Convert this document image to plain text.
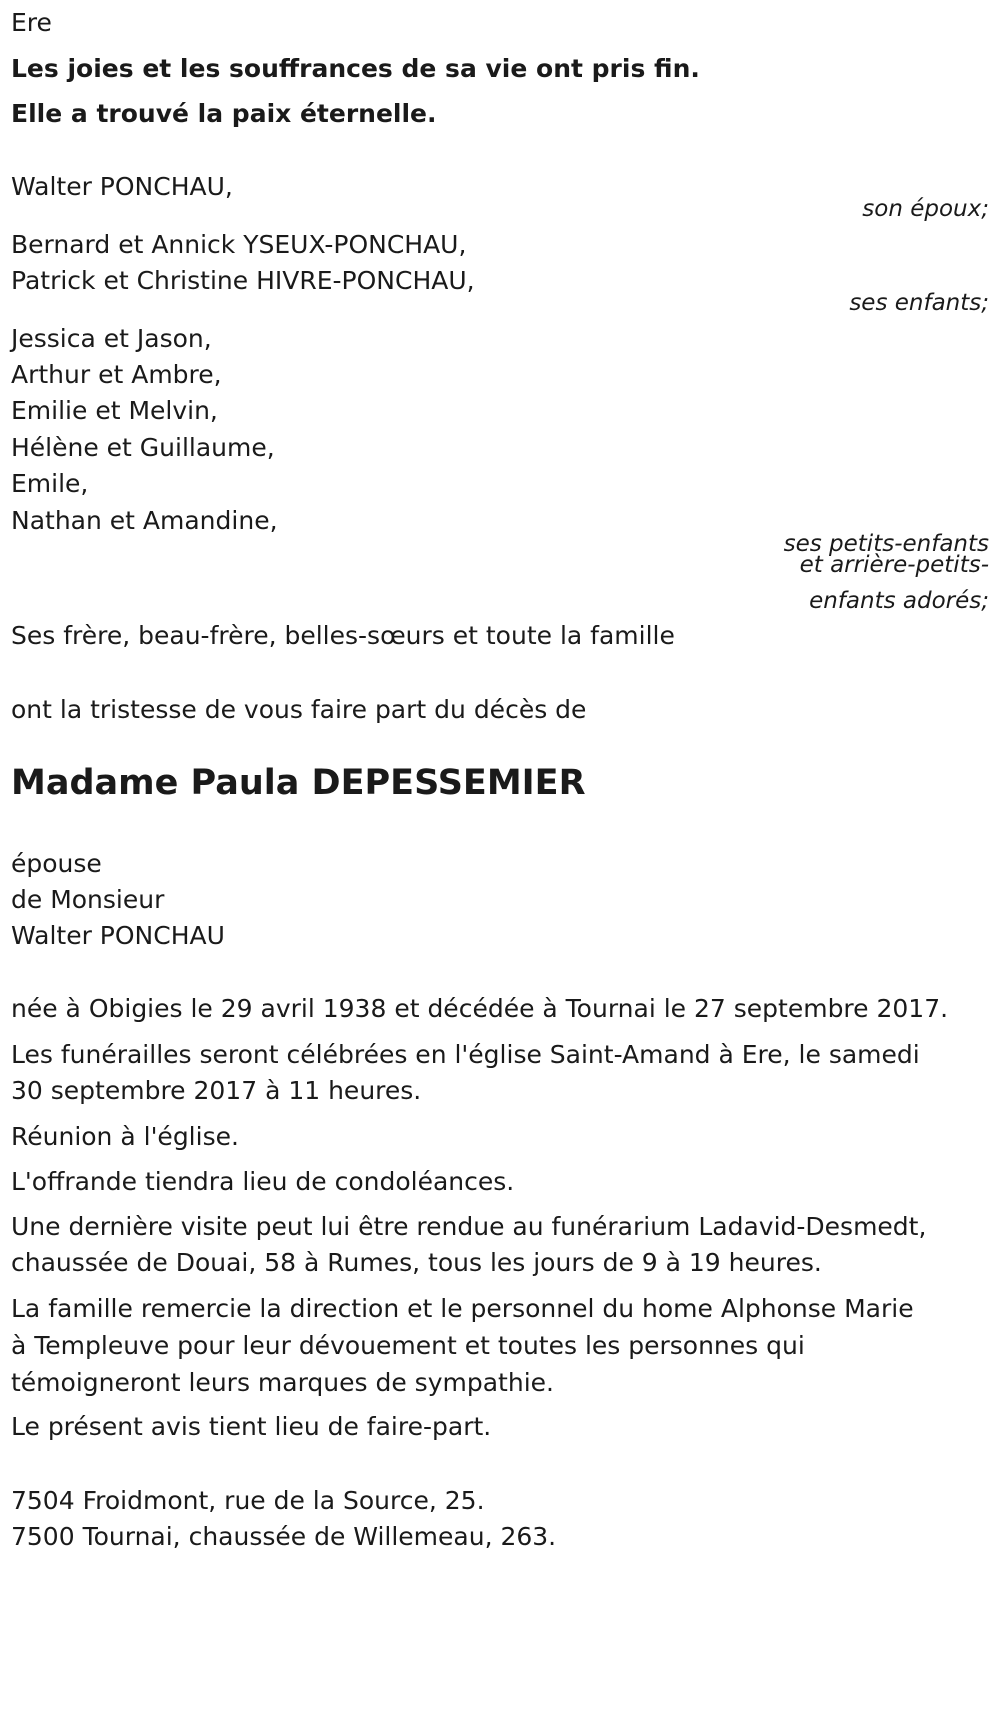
Ere
Les joies et les souffrances de sa vie ont pris fin.
Elle a trouvé la paix éternelle.
Walter PONCHAU,
son époux;
Bernard et Annick YSEUX-PONCHAU,
Patrick et Christine HIVRE-PONCHAU,
ses enfants;
Jessica et Jason,
Arthur et Ambre,
Emilie et Melvin,
Hélène et Guillaume,
Emile,
Nathan et Amandine,
ses petits-enfants
et arrière-petits-
enfants adorés;
Ses frère, beau-frère, belles-sœurs et toute la famille
ont la tristesse de vous faire part du décès de
Madame Paula DEPESSEMIER
épouse
de Monsieur
Walter PONCHAU
née à Obigies le 29 avril 1938 et décédée à Tournai le 27 septembre 2017.
Les funérailles seront célébrées en l'église Saint-Amand à Ere, le samedi
30 septembre 2017 à 11 heures.
Réunion à l'église.
L'offrande tiendra lieu de condoléances.
Une dernière visite peut lui être rendue au funérarium Ladavid-Desmedt,
chaussée de Douai, 58 à Rumes, tous les jours de 9 à 19 heures.
La famille remercie la direction et le personnel du home Alphonse Marie
à Templeuve pour leur dévouement et toutes les personnes qui
témoigneront leurs marques de sympathie.
Le présent avis tient lieu de faire-part.
7504 Froidmont, rue de la Source, 25.
7500 Tournai, chaussée de Willemeau, 263.
